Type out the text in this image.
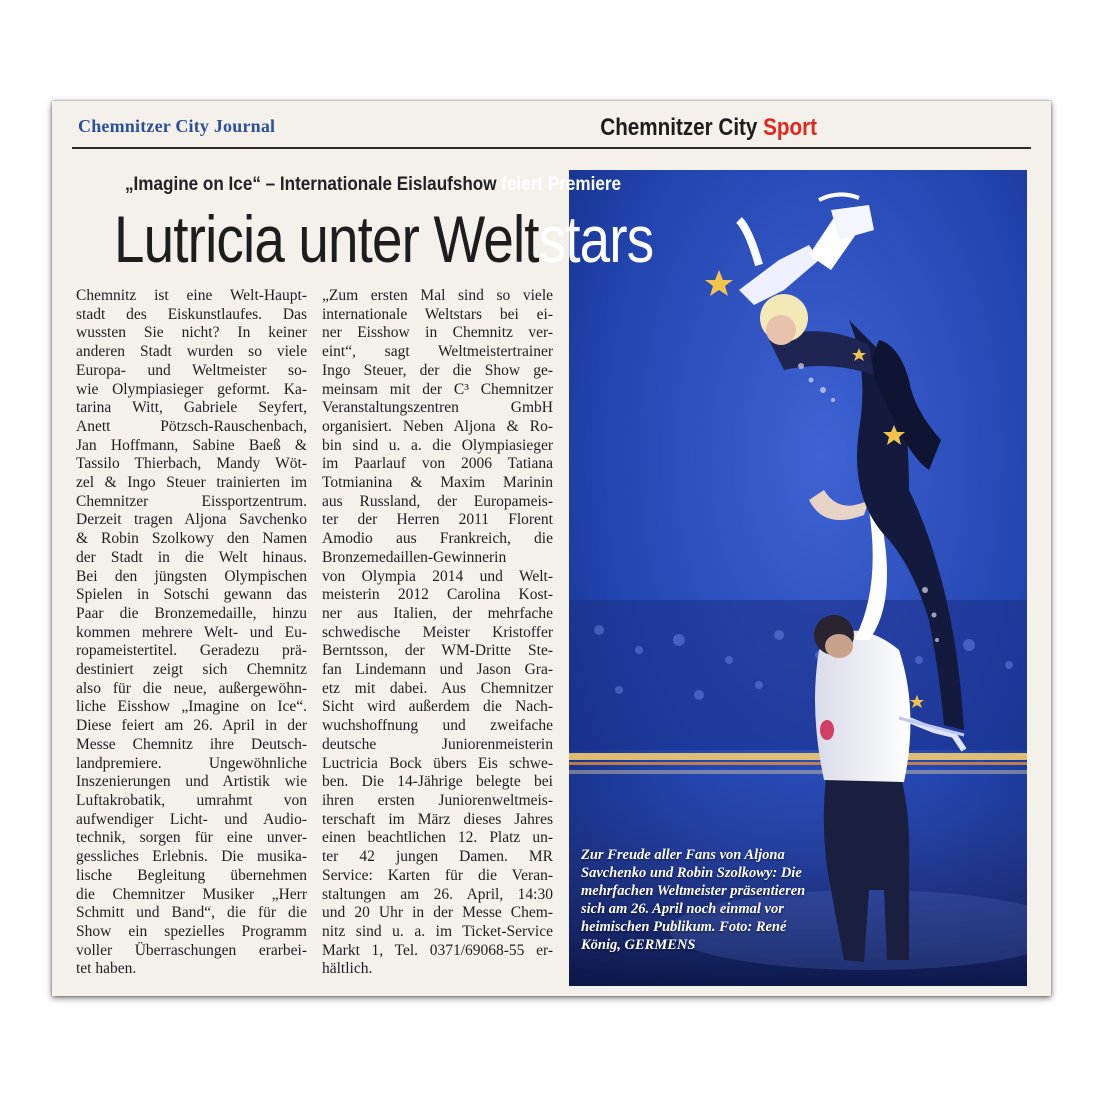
Chemnitzer City Journal	Chemnitzer City Sport
Zur Freude aller Fans von Aljona Savchenko und Robin Szolkowy: Die mehrfachen Weltmeister präsentieren sich am 26. April noch einmal vor heimischen Publikum. Foto: René König, GERMENS
„Imagine on Ice“ – Internationale Eislaufshow feiert Premiere
Lutricia unter Weltstars
Chemnitz ist eine Welt-Haupt-
stadt des Eiskunstlaufes. Das
wussten Sie nicht? In keiner
anderen Stadt wurden so viele
Europa- und Weltmeister so-
wie Olympiasieger geformt. Ka-
tarina Witt, Gabriele Seyfert,
Anett Pötzsch-Rauschenbach,
Jan Hoffmann, Sabine Baeß &
Tassilo Thierbach, Mandy Wöt-
zel & Ingo Steuer trainierten im
Chemnitzer Eissportzentrum.
Derzeit tragen Aljona Savchenko
& Robin Szolkowy den Namen
der Stadt in die Welt hinaus.
Bei den jüngsten Olympischen
Spielen in Sotschi gewann das
Paar die Bronzemedaille, hinzu
kommen mehrere Welt- und Eu-
ropameistertitel. Geradezu prä-
destiniert zeigt sich Chemnitz
also für die neue, außergewöhn-
liche Eisshow „Imagine on Ice“.
Diese feiert am 26. April in der
Messe Chemnitz ihre Deutsch-
landpremiere. Ungewöhnliche
Inszenierungen und Artistik wie
Luftakrobatik, umrahmt von
aufwendiger Licht- und Audio-
technik, sorgen für eine unver-
gessliches Erlebnis. Die musika-
lische Begleitung übernehmen
die Chemnitzer Musiker „Herr
Schmitt und Band“, die für die
Show ein spezielles Programm
voller Überraschungen erarbei-
tet haben.
„Zum ersten Mal sind so viele
internationale Weltstars bei ei-
ner Eisshow in Chemnitz ver-
eint“, sagt Weltmeistertrainer
Ingo Steuer, der die Show ge-
meinsam mit der C³ Chemnitzer
Veranstaltungszentren GmbH
organisiert. Neben Aljona & Ro-
bin sind u. a. die Olympiasieger
im Paarlauf von 2006 Tatiana
Totmianina & Maxim Marinin
aus Russland, der Europameis-
ter der Herren 2011 Florent
Amodio aus Frankreich, die
Bronzemedaillen-Gewinnerin
von Olympia 2014 und Welt-
meisterin 2012 Carolina Kost-
ner aus Italien, der mehrfache
schwedische Meister Kristoffer
Berntsson, der WM-Dritte Ste-
fan Lindemann und Jason Gra-
etz mit dabei. Aus Chemnitzer
Sicht wird außerdem die Nach-
wuchshoffnung und zweifache
deutsche Juniorenmeisterin
Luctricia Bock übers Eis schwe-
ben. Die 14-Jährige belegte bei
ihren ersten Juniorenweltmeis-
terschaft im März dieses Jahres
einen beachtlichen 12. Platz un-
ter 42 jungen Damen. MR
Service: Karten für die Veran-
staltungen am 26. April, 14:30
und 20 Uhr in der Messe Chem-
nitz sind u. a. im Ticket-Service
Markt 1, Tel. 0371/69068-55 er-
hältlich.
